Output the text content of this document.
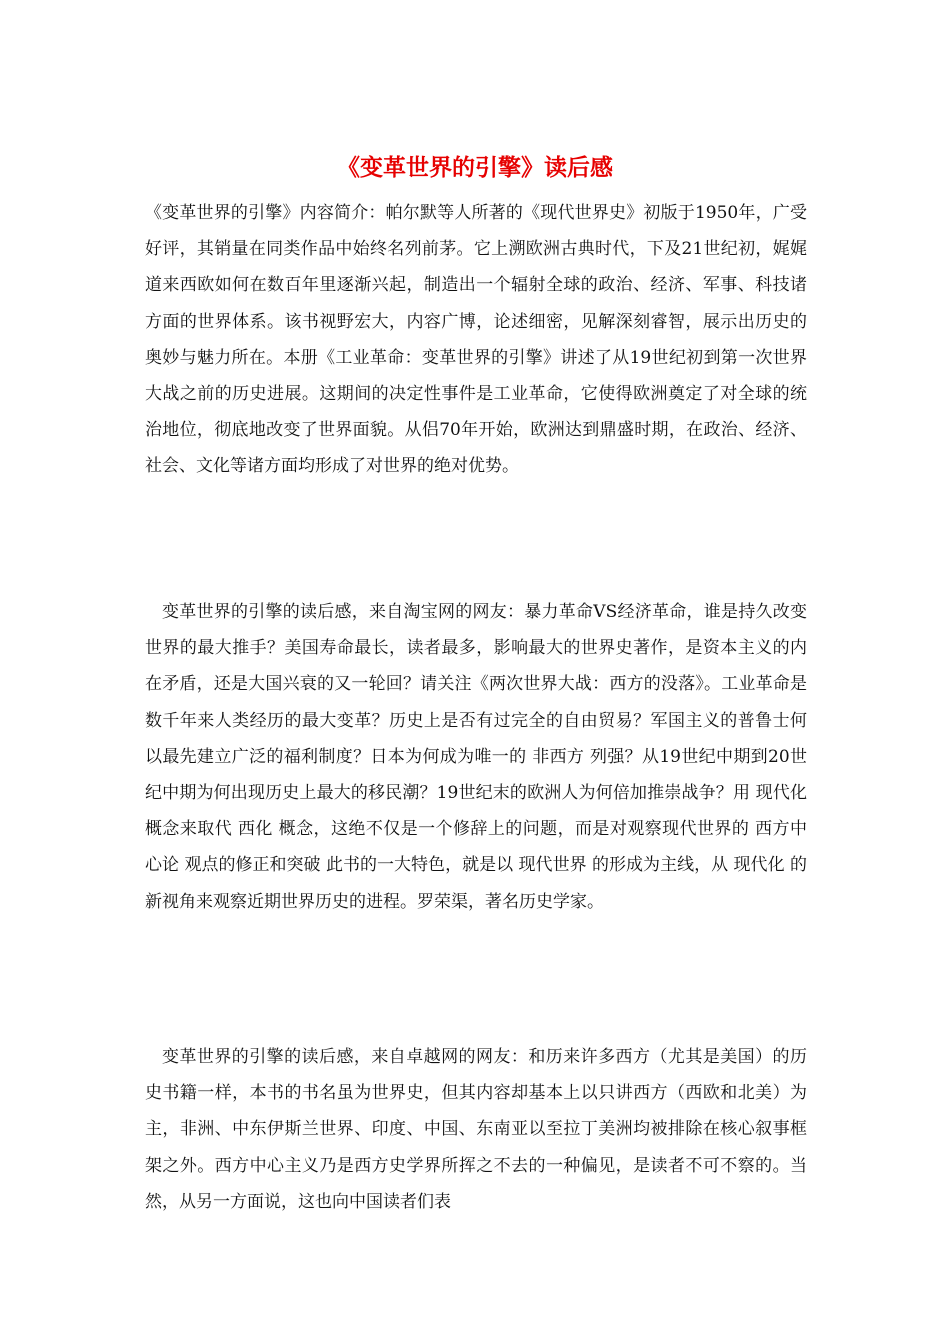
《变革世界的引擎》读后感

《变革世界的引擎》内容简介：帕尔默等人所著的《现代世界史》初版于1950年，广受好评，其销量在同类作品中始终名列前茅。它上溯欧洲古典时代，下及21世纪初，娓娓道来西欧如何在数百年里逐渐兴起，制造出一个辐射全球的政治、经济、军事、科技诸方面的世界体系。该书视野宏大，内容广博，论述细密，见解深刻睿智，展示出历史的奥妙与魅力所在。本册《工业革命：变革世界的引擎》讲述了从19世纪初到第一次世界大战之前的历史进展。这期间的决定性事件是工业革命，它使得欧洲奠定了对全球的统治地位，彻底地改变了世界面貌。从侣70年开始，欧洲达到鼎盛时期，在政治、经济、社会、文化等诸方面均形成了对世界的绝对优势。

变革世界的引擎的读后感，来自淘宝网的网友：暴力革命VS经济革命，谁是持久改变世界的最大推手？美国寿命最长，读者最多，影响最大的世界史著作，是资本主义的内在矛盾，还是大国兴衰的又一轮回？请关注《两次世界大战：西方的没落》。工业革命是数千年来人类经历的最大变革？历史上是否有过完全的自由贸易？军国主义的普鲁士何以最先建立广泛的福利制度？日本为何成为唯一的 非西方 列强？从19世纪中期到20世纪中期为何出现历史上最大的移民潮？19世纪末的欧洲人为何倍加推崇战争？用 现代化 概念来取代 西化 概念，这绝不仅是一个修辞上的问题，而是对观察现代世界的 西方中心论 观点的修正和突破 此书的一大特色，就是以 现代世界 的形成为主线，从 现代化 的新视角来观察近期世界历史的进程。罗荣渠，著名历史学家。

变革世界的引擎的读后感，来自卓越网的网友：和历来许多西方（尤其是美国）的历史书籍一样，本书的书名虽为世界史，但其内容却基本上以只讲西方（西欧和北美）为主，非洲、中东伊斯兰世界、印度、中国、东南亚以至拉丁美洲均被排除在核心叙事框架之外。西方中心主义乃是西方史学界所挥之不去的一种偏见，是读者不可不察的。当然，从另一方面说，这也向中国读者们表
